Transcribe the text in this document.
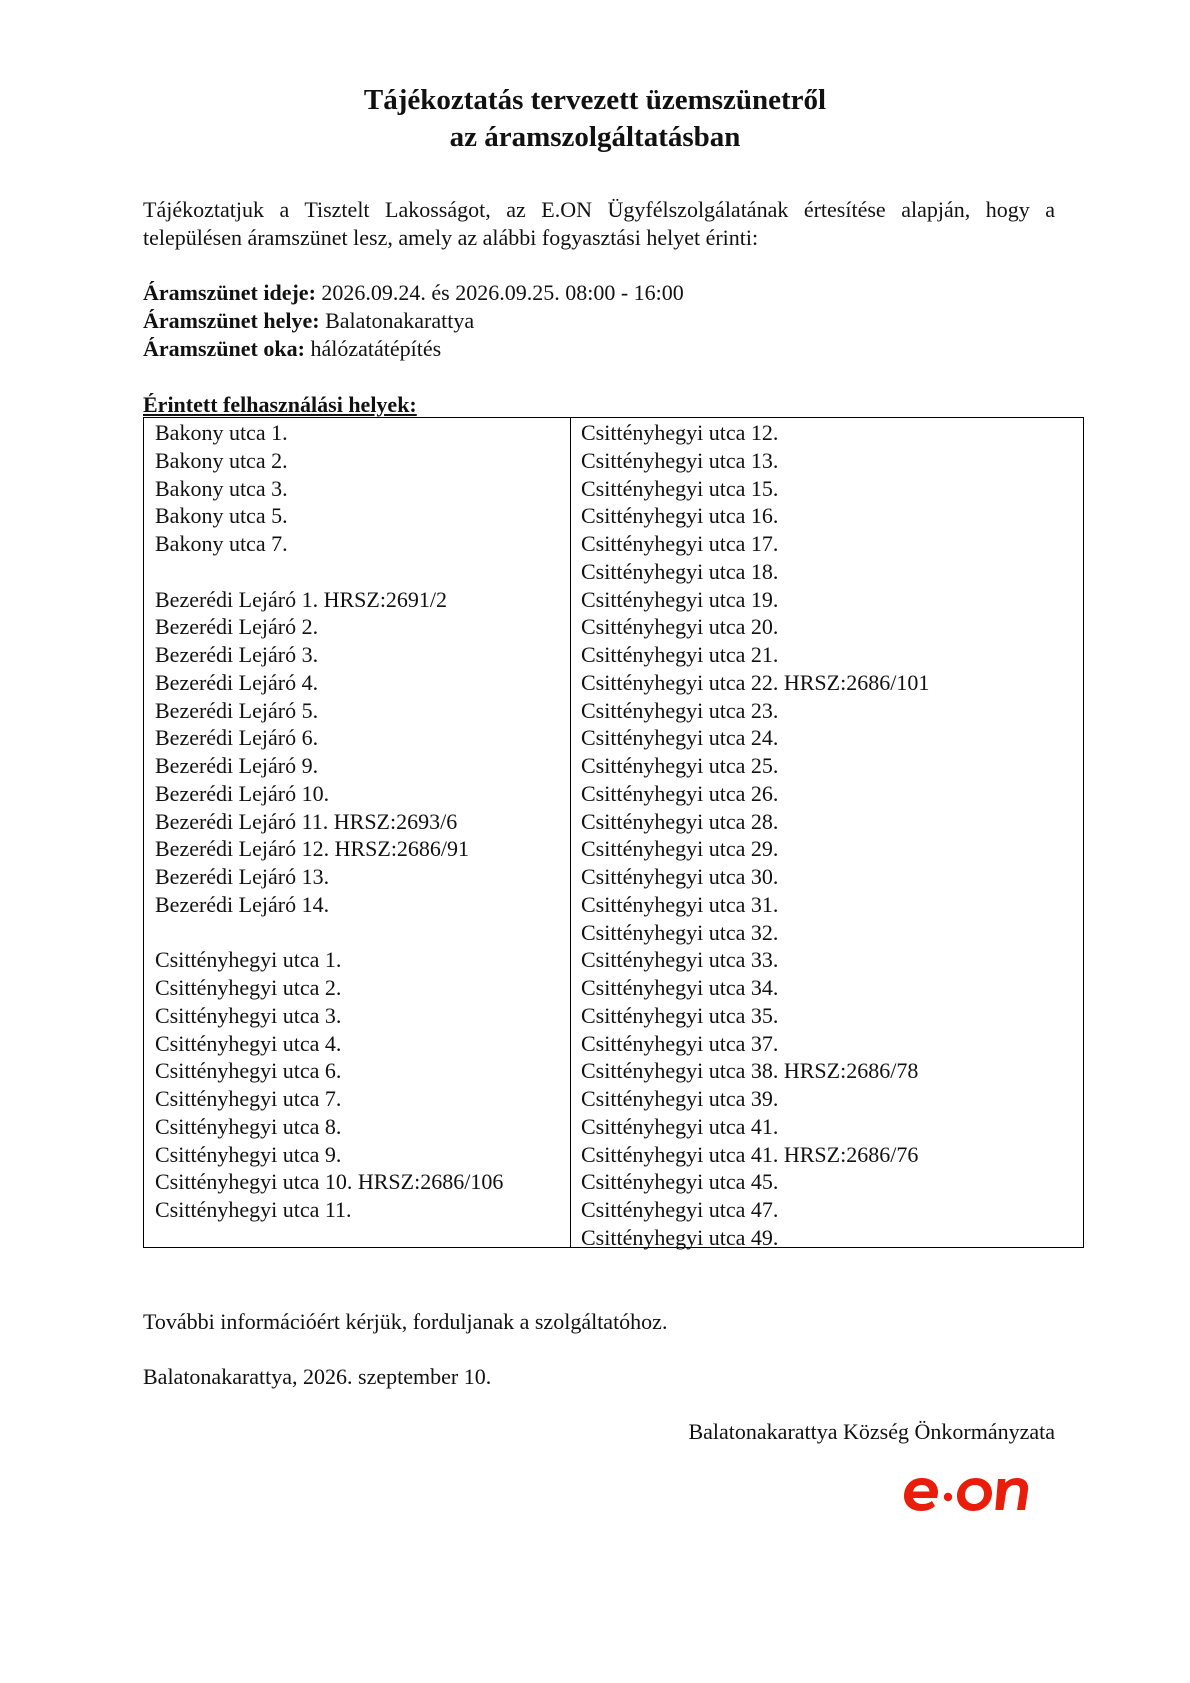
Tájékoztatás tervezett üzemszünetről
az áramszolgáltatásban
Tájékoztatjuk a Tisztelt Lakosságot, az E.ON Ügyfélszolgálatának értesítése alapján, hogy a
településen áramszünet lesz, amely az alábbi fogyasztási helyet érinti:
Áramszünet ideje: 2026.09.24. és 2026.09.25. 08:00 - 16:00
Áramszünet helye: Balatonakarattya
Áramszünet oka: hálózatátépítés
Érintett felhasználási helyek:
Bakony utca 1.
Bakony utca 2.
Bakony utca 3.
Bakony utca 5.
Bakony utca 7.
Bezerédi Lejáró 1. HRSZ:2691/2
Bezerédi Lejáró 2.
Bezerédi Lejáró 3.
Bezerédi Lejáró 4.
Bezerédi Lejáró 5.
Bezerédi Lejáró 6.
Bezerédi Lejáró 9.
Bezerédi Lejáró 10.
Bezerédi Lejáró 11. HRSZ:2693/6
Bezerédi Lejáró 12. HRSZ:2686/91
Bezerédi Lejáró 13.
Bezerédi Lejáró 14.
Csittényhegyi utca 1.
Csittényhegyi utca 2.
Csittényhegyi utca 3.
Csittényhegyi utca 4.
Csittényhegyi utca 6.
Csittényhegyi utca 7.
Csittényhegyi utca 8.
Csittényhegyi utca 9.
Csittényhegyi utca 10. HRSZ:2686/106
Csittényhegyi utca 11.
Csittényhegyi utca 12.
Csittényhegyi utca 13.
Csittényhegyi utca 15.
Csittényhegyi utca 16.
Csittényhegyi utca 17.
Csittényhegyi utca 18.
Csittényhegyi utca 19.
Csittényhegyi utca 20.
Csittényhegyi utca 21.
Csittényhegyi utca 22. HRSZ:2686/101
Csittényhegyi utca 23.
Csittényhegyi utca 24.
Csittényhegyi utca 25.
Csittényhegyi utca 26.
Csittényhegyi utca 28.
Csittényhegyi utca 29.
Csittényhegyi utca 30.
Csittényhegyi utca 31.
Csittényhegyi utca 32.
Csittényhegyi utca 33.
Csittényhegyi utca 34.
Csittényhegyi utca 35.
Csittényhegyi utca 37.
Csittényhegyi utca 38. HRSZ:2686/78
Csittényhegyi utca 39.
Csittényhegyi utca 41.
Csittényhegyi utca 41. HRSZ:2686/76
Csittényhegyi utca 45.
Csittényhegyi utca 47.
Csittényhegyi utca 49.
További információért kérjük, forduljanak a szolgáltatóhoz.
Balatonakarattya, 2026. szeptember 10.
Balatonakarattya Község Önkormányzata
